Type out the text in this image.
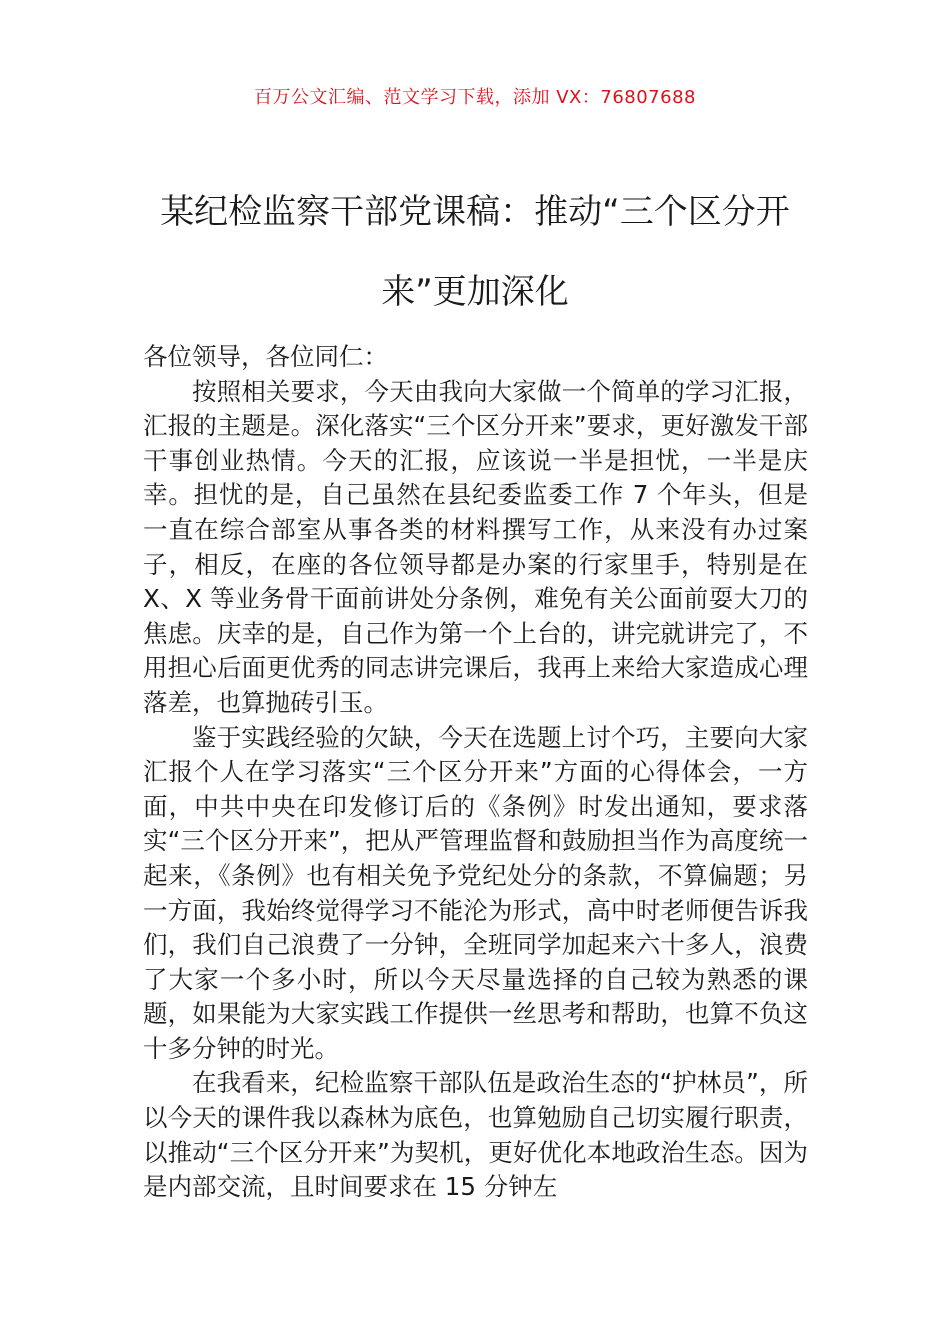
百万公文汇编、范文学习下载，添加 VX：76807688
某纪检监察干部党课稿：推动“三个区分开来”更加深化

各位领导，各位同仁：

按照相关要求，今天由我向大家做一个简单的学习汇报，汇报的主题是。深化落实“三个区分开来”要求，更好激发干部干事创业热情。今天的汇报，应该说一半是担忧，一半是庆幸。担忧的是，自己虽然在县纪委监委工作 7 个年头，但是一直在综合部室从事各类的材料撰写工作，从来没有办过案子，相反，在座的各位领导都是办案的行家里手，特别是在 X、X 等业务骨干面前讲处分条例，难免有关公面前耍大刀的焦虑。庆幸的是，自己作为第一个上台的，讲完就讲完了，不用担心后面更优秀的同志讲完课后，我再上来给大家造成心理落差，也算抛砖引玉。

鉴于实践经验的欠缺，今天在选题上讨个巧，主要向大家汇报个人在学习落实“三个区分开来”方面的心得体会，一方面，中共中央在印发修订后的《条例》时发出通知，要求落实“三个区分开来”，把从严管理监督和鼓励担当作为高度统一起来，《条例》也有相关免予党纪处分的条款，不算偏题；另一方面，我始终觉得学习不能沦为形式，高中时老师便告诉我们，我们自己浪费了一分钟，全班同学加起来六十多人，浪费了大家一个多小时，所以今天尽量选择的自己较为熟悉的课题，如果能为大家实践工作提供一丝思考和帮助，也算不负这十多分钟的时光。

在我看来，纪检监察干部队伍是政治生态的“护林员”，所以今天的课件我以森林为底色，也算勉励自己切实履行职责，以推动“三个区分开来”为契机，更好优化本地政治生态。因为是内部交流，且时间要求在 15 分钟左
